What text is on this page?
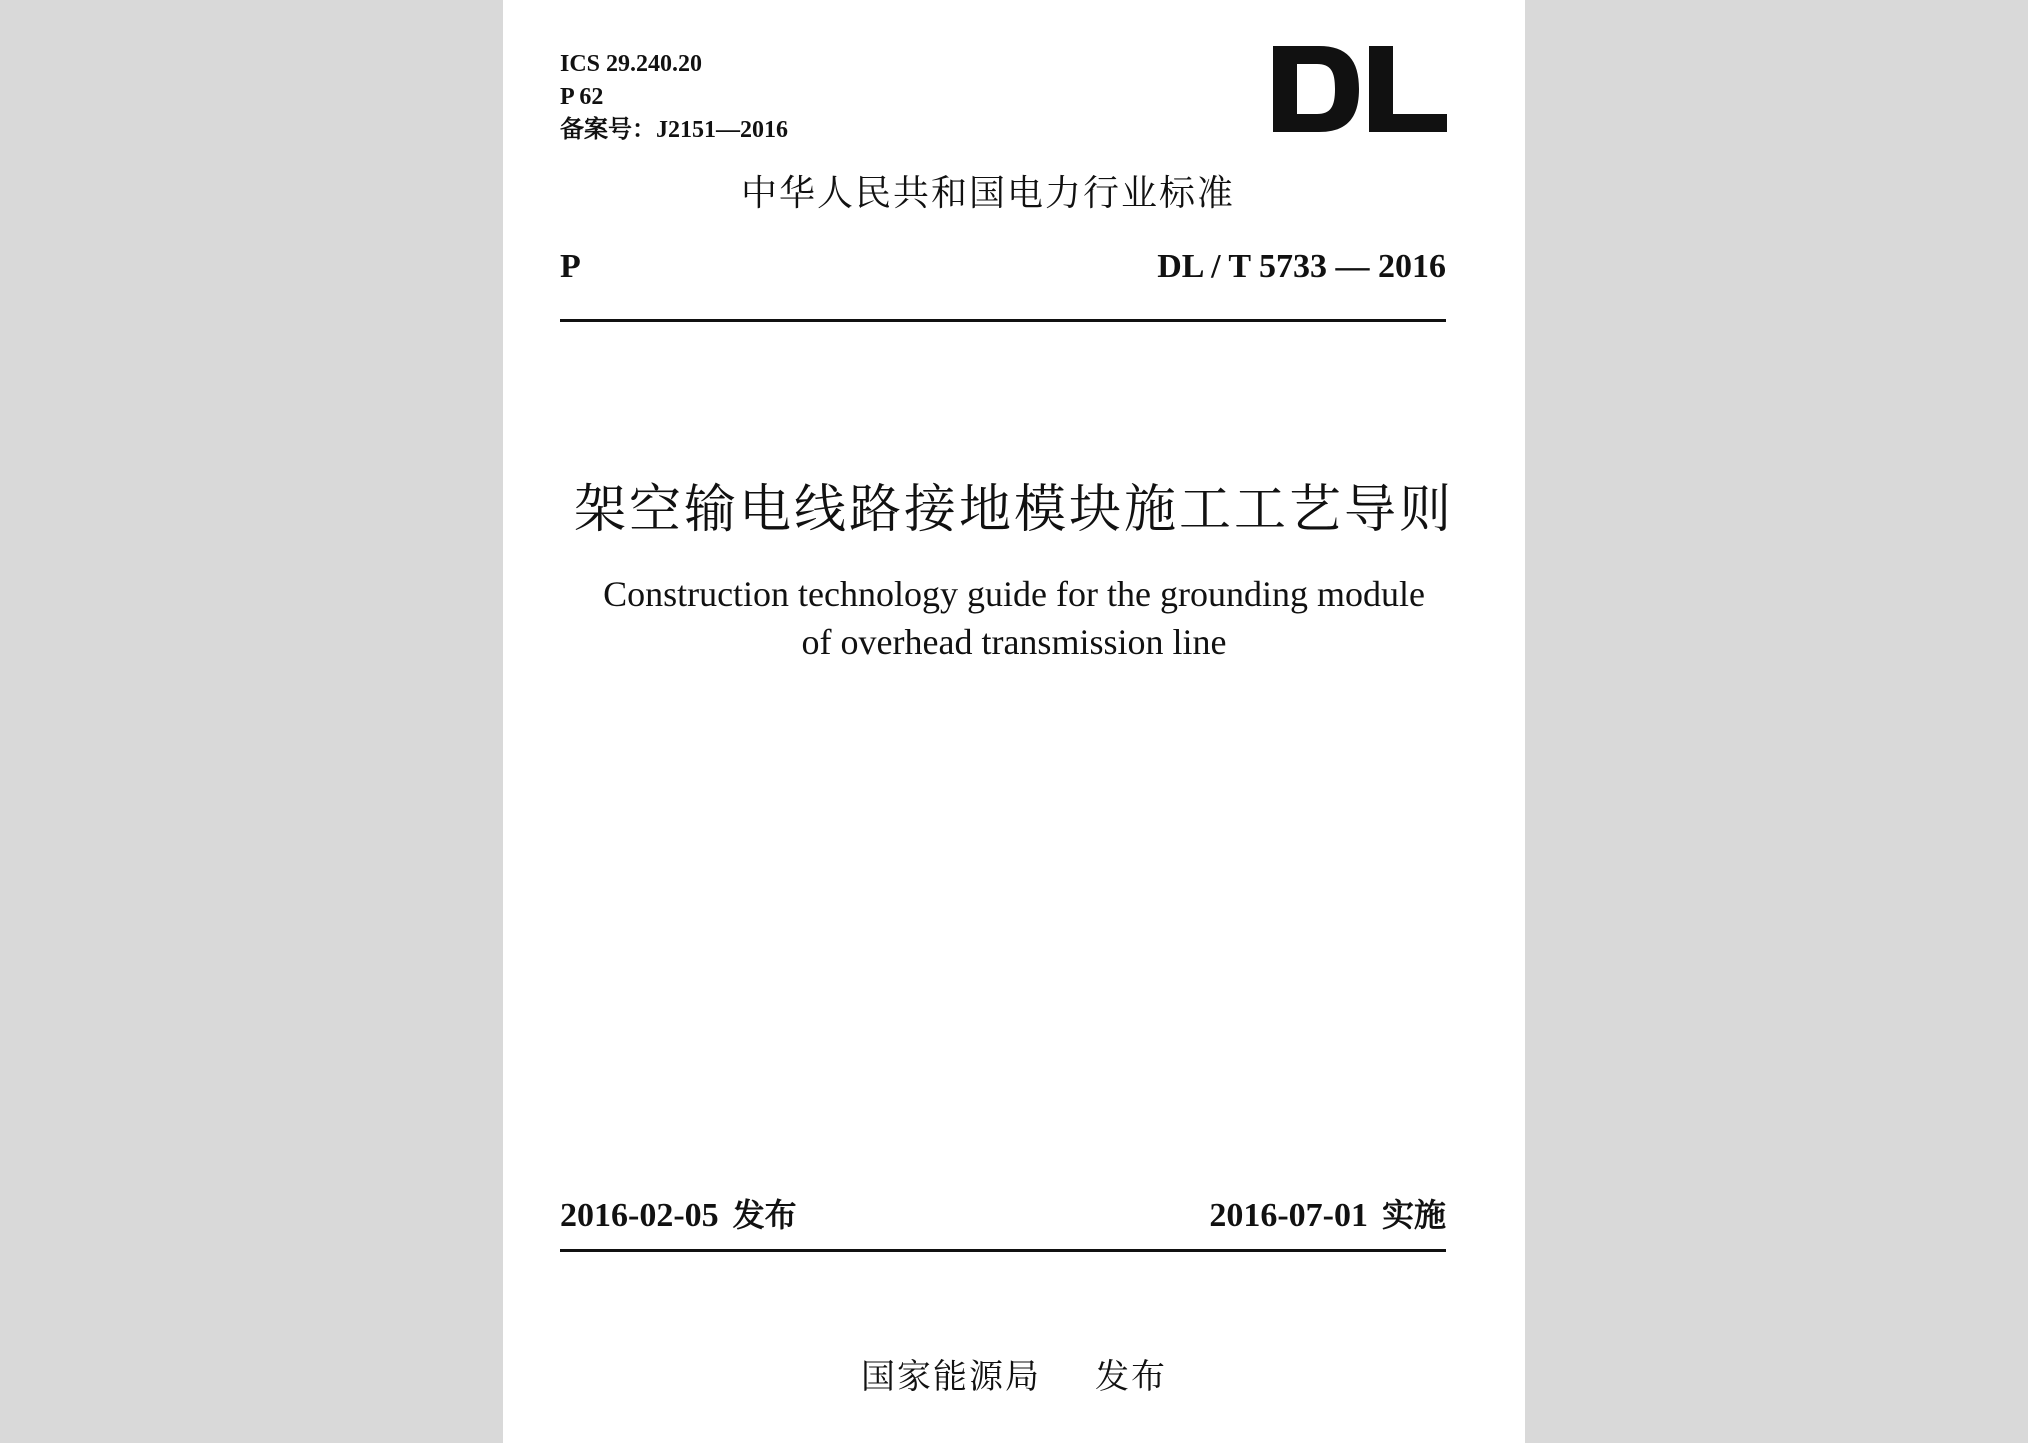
ICS 29.240.20
P 62
备案号：J2151—2016
中华人民共和国电力行业标准
P	DL / T 5733 — 2016
架空输电线路接地模块施工工艺导则
Construction technology guide for the grounding module
of overhead transmission line
2016-02-05 发布	2016-07-01 实施
国家能源局 发布
